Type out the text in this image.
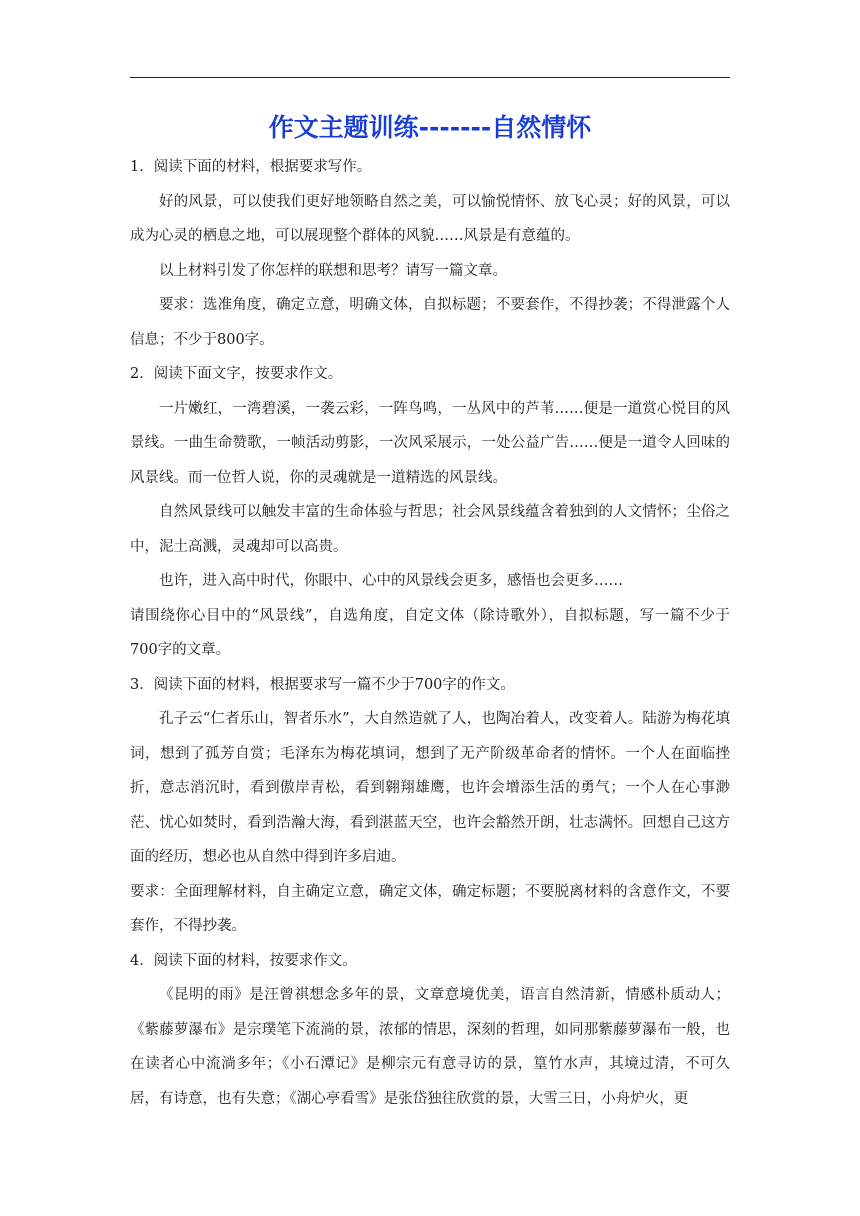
作文主题训练-------自然情怀

1．阅读下面的材料，根据要求写作。

好的风景，可以使我们更好地领略自然之美，可以愉悦情怀、放飞心灵；好的风景，可以成为心灵的栖息之地，可以展现整个群体的风貌……风景是有意蕴的。

以上材料引发了你怎样的联想和思考？请写一篇文章。

要求：选准角度，确定立意，明确文体，自拟标题；不要套作，不得抄袭；不得泄露个人信息；不少于800字。

2．阅读下面文字，按要求作文。

一片嫩红，一湾碧溪，一袭云彩，一阵鸟鸣，一丛风中的芦苇……便是一道赏心悦目的风景线。一曲生命赞歌，一帧活动剪影，一次风采展示，一处公益广告……便是一道令人回味的风景线。而一位哲人说，你的灵魂就是一道精选的风景线。

自然风景线可以触发丰富的生命体验与哲思；社会风景线蕴含着独到的人文情怀；尘俗之中，泥土高溅，灵魂却可以高贵。

也许，进入高中时代，你眼中、心中的风景线会更多，感悟也会更多……

请围绕你心目中的“风景线”，自选角度，自定文体（除诗歌外），自拟标题，写一篇不少于700字的文章。

3．阅读下面的材料，根据要求写一篇不少于700字的作文。

孔子云“仁者乐山，智者乐水”，大自然造就了人，也陶冶着人，改变着人。陆游为梅花填词，想到了孤芳自赏；毛泽东为梅花填词，想到了无产阶级革命者的情怀。一个人在面临挫折，意志消沉时，看到傲岸青松，看到翱翔雄鹰，也许会增添生活的勇气；一个人在心事渺茫、忧心如焚时，看到浩瀚大海，看到湛蓝天空，也许会豁然开朗，壮志满怀。回想自己这方面的经历，想必也从自然中得到许多启迪。

要求：全面理解材料，自主确定立意，确定文体，确定标题；不要脱离材料的含意作文，不要套作，不得抄袭。

4．阅读下面的材料，按要求作文。

《昆明的雨》是汪曾祺想念多年的景，文章意境优美，语言自然清新，情感朴质动人；《紫藤萝瀑布》是宗璞笔下流淌的景，浓郁的情思，深刻的哲理，如同那紫藤萝瀑布一般，也在读者心中流淌多年；《小石潭记》是柳宗元有意寻访的景，篁竹水声，其境过清，不可久居，有诗意，也有失意；《湖心亭看雪》是张岱独往欣赏的景，大雪三日，小舟炉火，更
